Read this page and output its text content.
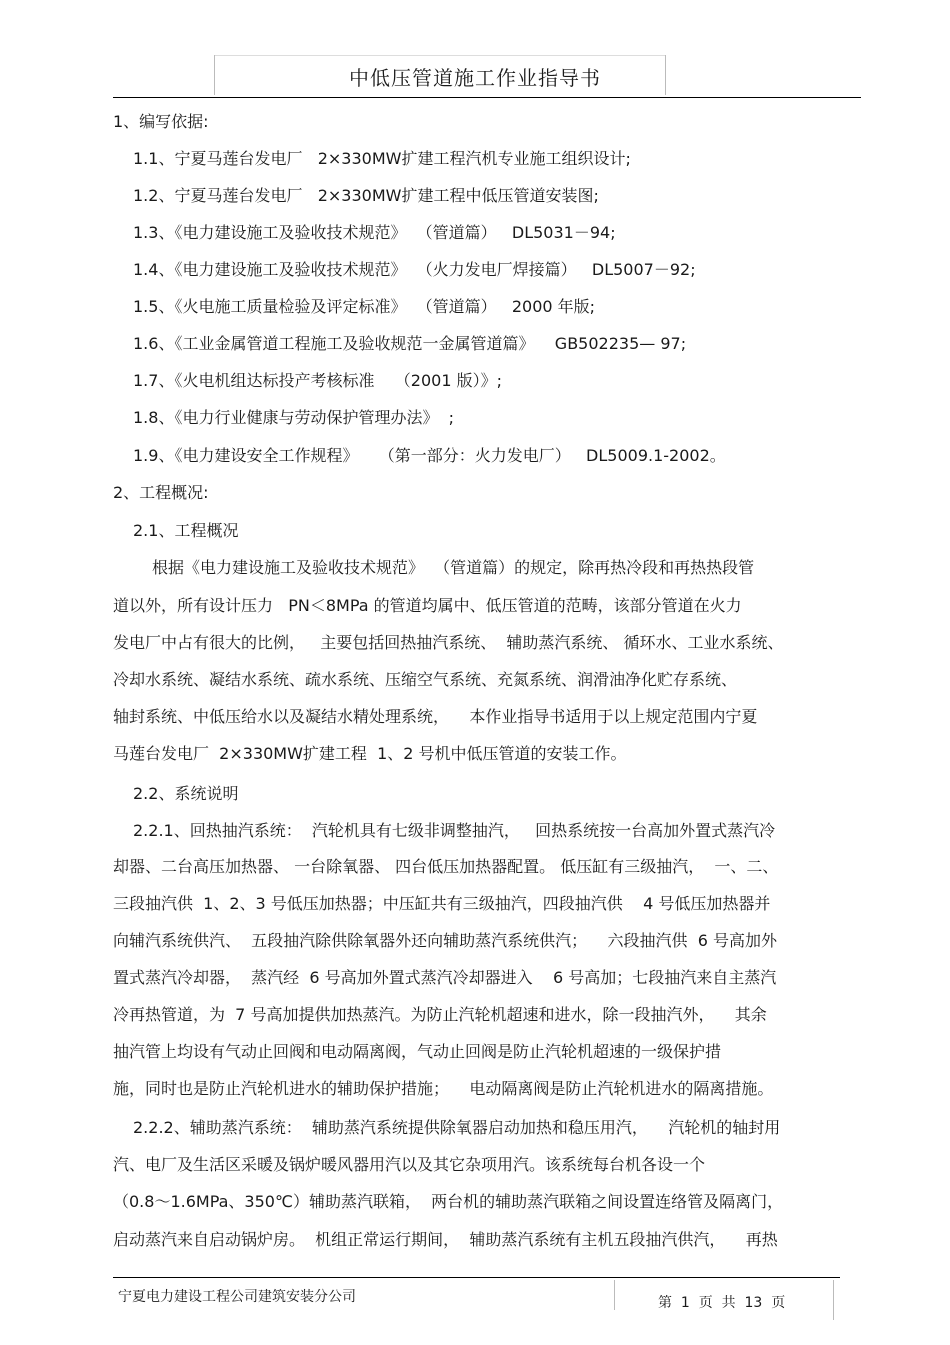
中低压管道施工作业指导书
1、编写依据:
1.1、宁夏马莲台发电厂   2×330MW扩建工程汽机专业施工组织设计;
1.2、宁夏马莲台发电厂   2×330MW扩建工程中低压管道安装图;
1.3、《电力建设施工及验收技术规范》  （管道篇）   DL5031－94;
1.4、《电力建设施工及验收技术规范》  （火力发电厂焊接篇）   DL5007－92;
1.5、《火电施工质量检验及评定标准》  （管道篇）   2000 年版;
1.6、《工业金属管道工程施工及验收规范一金属管道篇》    GB502235— 97;
1.7、《火电机组达标投产考核标准    （2001 版）》;
1.8、《电力行业健康与劳动保护管理办法》  ;
1.9、《电力建设安全工作规程》    （第一部分：火力发电厂）   DL5009.1-2002。
2、工程概况:
2.1、工程概况
根据《电力建设施工及验收技术规范》  （管道篇）的规定，除再热冷段和再热热段管
道以外，所有设计压力   PN＜8MPa 的管道均属中、低压管道的范畴，该部分管道在火力
发电厂中占有很大的比例，   主要包括回热抽汽系统、  辅助蒸汽系统、 循环水、工业水系统、
冷却水系统、凝结水系统、疏水系统、压缩空气系统、充氮系统、润滑油净化贮存系统、
轴封系统、中低压给水以及凝结水精处理系统，    本作业指导书适用于以上规定范围内宁夏
马莲台发电厂  2×330MW扩建工程  1、2 号机中低压管道的安装工作。
2.2、系统说明
2.2.1、回热抽汽系统：  汽轮机具有七级非调整抽汽，   回热系统按一台高加外置式蒸汽冷
却器、二台高压加热器、 一台除氧器、 四台低压加热器配置。 低压缸有三级抽汽，  一、二、
三段抽汽供  1、2、3 号低压加热器；中压缸共有三级抽汽，四段抽汽供    4 号低压加热器并
向辅汽系统供汽、  五段抽汽除供除氧器外还向辅助蒸汽系统供汽；    六段抽汽供  6 号高加外
置式蒸汽冷却器，  蒸汽经  6 号高加外置式蒸汽冷却器进入    6 号高加；七段抽汽来自主蒸汽
冷再热管道，为  7 号高加提供加热蒸汽。为防止汽轮机超速和进水，除一段抽汽外，    其余
抽汽管上均设有气动止回阀和电动隔离阀，气动止回阀是防止汽轮机超速的一级保护措
施，同时也是防止汽轮机进水的辅助保护措施；    电动隔离阀是防止汽轮机进水的隔离措施。
2.2.2、辅助蒸汽系统：  辅助蒸汽系统提供除氧器启动加热和稳压用汽，    汽轮机的轴封用
汽、电厂及生活区采暖及锅炉暖风器用汽以及其它杂项用汽。该系统每台机各设一个
（0.8～1.6MPa、350℃）辅助蒸汽联箱，  两台机的辅助蒸汽联箱之间设置连络管及隔离门，
启动蒸汽来自启动锅炉房。  机组正常运行期间，  辅助蒸汽系统有主机五段抽汽供汽，    再热
宁夏电力建设工程公司建筑安装分公司	第  1  页  共  13  页
